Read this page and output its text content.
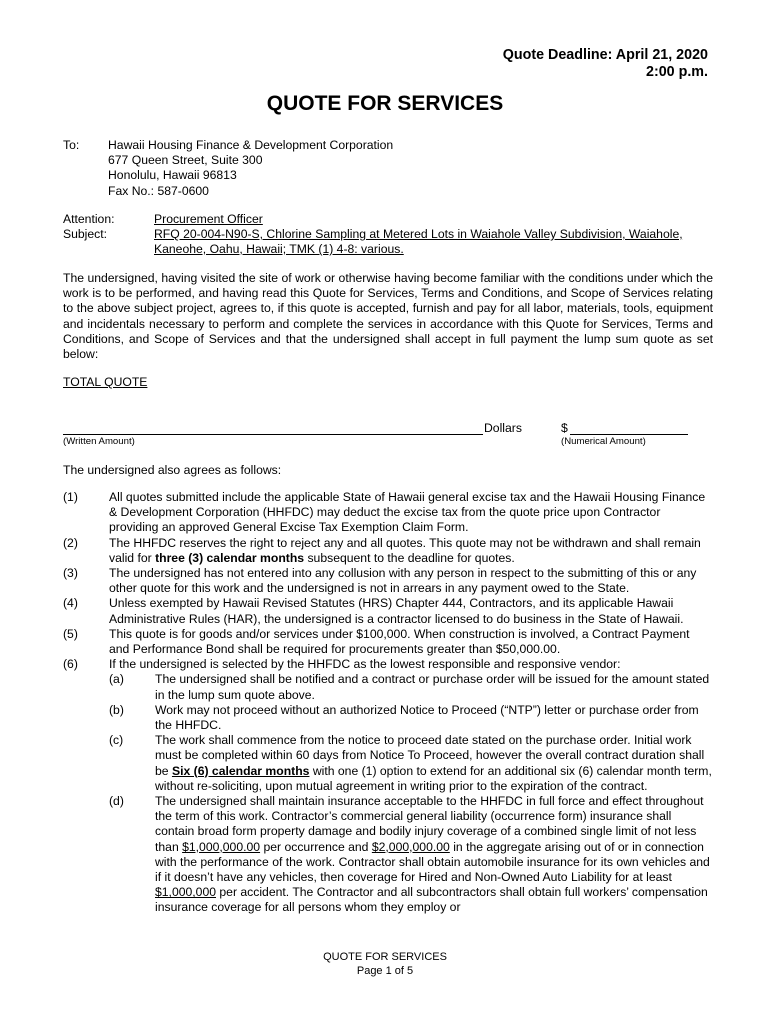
Quote Deadline: April 21, 2020
2:00 p.m.
QUOTE FOR SERVICES
To: Hawaii Housing Finance & Development Corporation
677 Queen Street, Suite 300
Honolulu, Hawaii 96813
Fax No.: 587-0600
Attention:	Procurement Officer
Subject:	RFQ 20-004-N90-S, Chlorine Sampling at Metered Lots in Waiahole Valley Subdivision, Waiahole,
Kaneohe, Oahu, Hawaii; TMK (1) 4-8: various.
The undersigned, having visited the site of work or otherwise having become familiar with the conditions under which the work is to be performed, and having read this Quote for Services, Terms and Conditions, and Scope of Services relating to the above subject project, agrees to, if this quote is accepted, furnish and pay for all labor, materials, tools, equipment and incidentals necessary to perform and complete the services in accordance with this Quote for Services, Terms and Conditions, and Scope of Services and that the undersigned shall accept in full payment the lump sum quote as set below:
TOTAL QUOTE
Dollars	$
(Written Amount)	(Numerical Amount)
The undersigned also agrees as follows:
(1)	All quotes submitted include the applicable State of Hawaii general excise tax and the Hawaii Housing Finance & Development Corporation (HHFDC) may deduct the excise tax from the quote price upon Contractor providing an approved General Excise Tax Exemption Claim Form.
(2)	The HHFDC reserves the right to reject any and all quotes. This quote may not be withdrawn and shall remain valid for three (3) calendar months subsequent to the deadline for quotes.
(3)	The undersigned has not entered into any collusion with any person in respect to the submitting of this or any other quote for this work and the undersigned is not in arrears in any payment owed to the State.
(4)	Unless exempted by Hawaii Revised Statutes (HRS) Chapter 444, Contractors, and its applicable Hawaii Administrative Rules (HAR), the undersigned is a contractor licensed to do business in the State of Hawaii.
(5)	This quote is for goods and/or services under $100,000. When construction is involved, a Contract Payment and Performance Bond shall be required for procurements greater than $50,000.00.
(6)	If the undersigned is selected by the HHFDC as the lowest responsible and responsive vendor:
(a)	The undersigned shall be notified and a contract or purchase order will be issued for the amount stated in the lump sum quote above.
(b)	Work may not proceed without an authorized Notice to Proceed (“NTP”) letter or purchase order from the HHFDC.
(c)	The work shall commence from the notice to proceed date stated on the purchase order. Initial work must be completed within 60 days from Notice To Proceed, however the overall contract duration shall be Six (6) calendar months with one (1) option to extend for an additional six (6) calendar month term, without re-soliciting, upon mutual agreement in writing prior to the expiration of the contract.
(d)	The undersigned shall maintain insurance acceptable to the HHFDC in full force and effect throughout the term of this work. Contractor’s commercial general liability (occurrence form) insurance shall contain broad form property damage and bodily injury coverage of a combined single limit of not less than $1,000,000.00 per occurrence and $2,000,000.00 in the aggregate arising out of or in connection with the performance of the work. Contractor shall obtain automobile insurance for its own vehicles and if it doesn’t have any vehicles, then coverage for Hired and Non-Owned Auto Liability for at least $1,000,000 per accident. The Contractor and all subcontractors shall obtain full workers’ compensation insurance coverage for all persons whom they employ or
QUOTE FOR SERVICES
Page 1 of 5
